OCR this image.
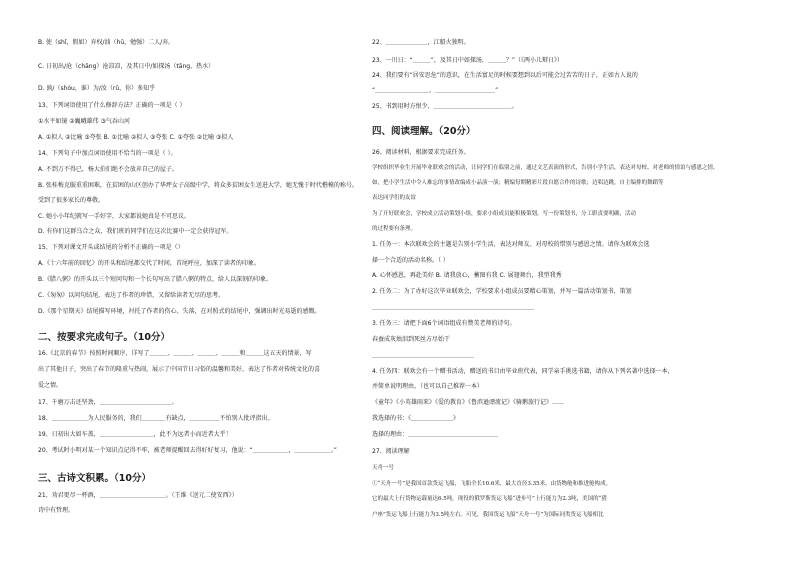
B. 使（shǐ，假如）弃权/油（hū，勉强）二人/弃。
C. 日初出/沧（chāng）沧凉凉，及其日中/如探汤（tāng，热水）
D. 孰/（shóu，谁）为/汝（rǔ，你）多知乎
13、下列词语使用了什么修辞方法？正确的一项是（ ）
①水平如镜 ②巍峨雄伟 ③气吞山河
A. ①拟人 ②比喻 ③夸张 B. ①比喻 ②拟人 ③夸张 C. ①夸张 ②比喻 ③拟人
14、下列句子中加点词语使用不恰当的一项是（ ）。
A. 不到万不得已，杨大伯们绝不会放弃自己的屋子。
B. 张桂梅克服重重困难，在贫困的山区创办了华坪女子高级中学，将众多贫困女生送进大学，她无愧于时代楷模的称号。
受到了很多家长的尊敬。
C. 她小小年纪就写一手好字，大家都说她真是不可思议。
D. 有你们这群乌合之众，我们班的同学们在这次比赛中一定会获得冠军。
15、下列对课文开头或结尾的分析不正确的一项是（）
A.《十六年前的回忆》的开头和结尾都交代了时间，首尾呼应，加深了读者的印象。
B.《腊八粥》的开头以三个短问句和一个长句写出了腊八粥的特点，给人以深刻的印象。
C.《匆匆》以问句结尾，表达了作者的珍惜，又留给读者无尽的思考。
D.《那个星期天》结尾描写环境，衬托了作者的伤心、失落，在对照式的结尾中，强调出时光易逝的感慨。
二、按要求完成句子。（10分）
16.《北京的春节》按照时间顺序，详写了＿＿＿、＿＿＿、＿＿＿、＿＿＿和＿＿＿这五天的情景，写
出了其他日子，突出了春节的隆重与热闹，展示了中国节日习俗的温馨和美好，表达了作者对传统文化的喜
爱之情。
17、千磨万击还坚劲，＿＿＿＿＿＿＿＿＿＿＿＿。
18、＿＿＿＿＿＿为人民服务的，我们＿＿＿＿有缺点，＿＿＿＿＿不怕别人批评指出。
19、日初出大如车盖，＿＿＿＿＿＿＿＿＿，此不为远者小而近者大乎！
20、考试时小明对某一个知识点记得不牢，被老师提醒回去得好好复习，他说：“＿＿＿＿＿＿，＿＿＿＿＿＿。”
三、古诗文积累。（10分）
21、劝君更尽一杯酒，＿＿＿＿＿＿＿＿＿＿＿。（王维《送元二使安西》）
诗中有哲理。
22、＿＿＿＿＿＿＿，江船火独明。
23、一川日：“＿＿＿”，及其日中如探汤，＿＿＿？”（《两小儿辩日》）
24、我们要有“居安思危”的意识，在生活富足的时候要想到以后可能会过苦苦的日子，正如古人说的
“＿＿＿＿＿＿＿＿＿，＿＿＿＿＿＿＿＿＿＿”
25、书到用时方恨少，＿＿＿＿＿＿＿＿＿＿＿＿＿。
四、阅读理解。（20分）
26、阅读材料，根据要求完成任务。
学校组织毕业生开展毕业联欢会的活动，让同学们在临别之前，通过文艺表演的形式，告别小学生活，表达对母校、对老师的情谊与感恩之情。
如，把小学生活中令人难忘的事情改编成小品演一演；精编每期精彩片段自愿合作的诗歌；边唱边跳，自主编排的舞蹈等
表达同学们的友谊
为了开好联欢会，学校成立活动策划小组，要求小组成员能积极策划，写一份策划书，分工职责要明确，活动
的过程要有条理。
1. 任务一：本次联欢会的主题是告别小学生活，表达对师友、对母校的惜别与感恩之情。请你为联欢会选
择一个合适的活动名称。（ ）
A. 心怀感恩，再赴美好 B. 请我放心，蓄图有我 C. 展翅舞台，我型我秀
2. 任务二：为了办好这次毕业联欢会，学校要求小组成员要精心策划，并写一篇活动策划书，策划
＿＿＿＿＿＿＿＿＿＿＿＿＿＿＿＿＿＿＿＿＿＿＿＿＿＿＿
3. 任务三：请把下面6个词语组成有赞美老师的诗句。
春蚕成灰烛泪到死丝方尽始干
＿＿＿＿＿＿＿＿＿＿＿＿＿＿＿＿＿
4. 任务四：联欢会有一个赠书活动，赠送的书目由毕业班代表，同学亲手挑选书籍，请你从下列名著中选择一本，
并简单说明理由。（也可以自己推荐一本）
《童年》《小英雄雨来》《爱的教育》《鲁滨逊漂流记》《骑鹅旅行记》……
我选择的书：《＿＿＿＿＿＿＿》
选择的理由：＿＿＿＿＿＿＿＿＿＿＿＿＿＿＿
27、阅读理解
天舟一号
①“天舟一号”是我国首款货运飞船，飞船全长10.6米，最大直径3.35米，由货物舱和推进舱构成。
它的最大上行货物运载量达6.5吨。现役的俄罗斯货运飞船“进步号”上行能力为2.3吨，美国的“猎
户座”货运飞船上行能力为3.5吨左右。可见，我国货运飞船“天舟一号”为国际同类货运飞船相比
